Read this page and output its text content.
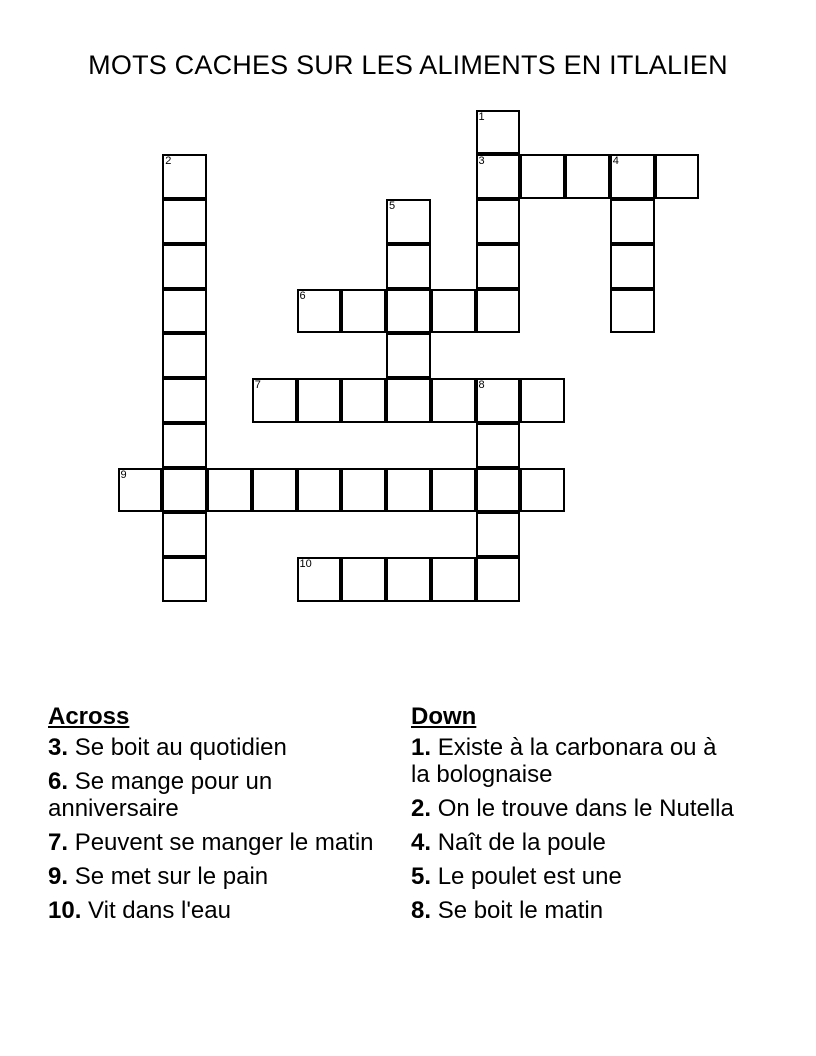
MOTS CACHES SUR LES ALIMENTS EN ITLALIEN
1
3
2	4
5
6
7	8
9
10
Across
3. Se boit au quotidien
6. Se mange pour un anniversaire
7. Peuvent se manger le matin
9. Se met sur le pain
10. Vit dans l'eau
Down
1. Existe à la carbonara ou à la bolognaise
2. On le trouve dans le Nutella
4. Naît de la poule
5. Le poulet est une
8. Se boit le matin
